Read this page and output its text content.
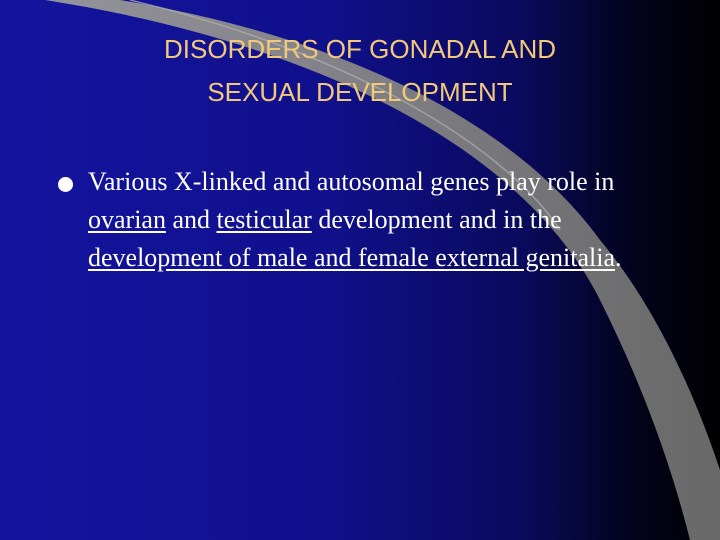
DISORDERS OF GONADAL AND
SEXUAL DEVELOPMENT
Various X-linked and autosomal genes play role in ovarian and testicular development and in the development of male and female external genitalia.
